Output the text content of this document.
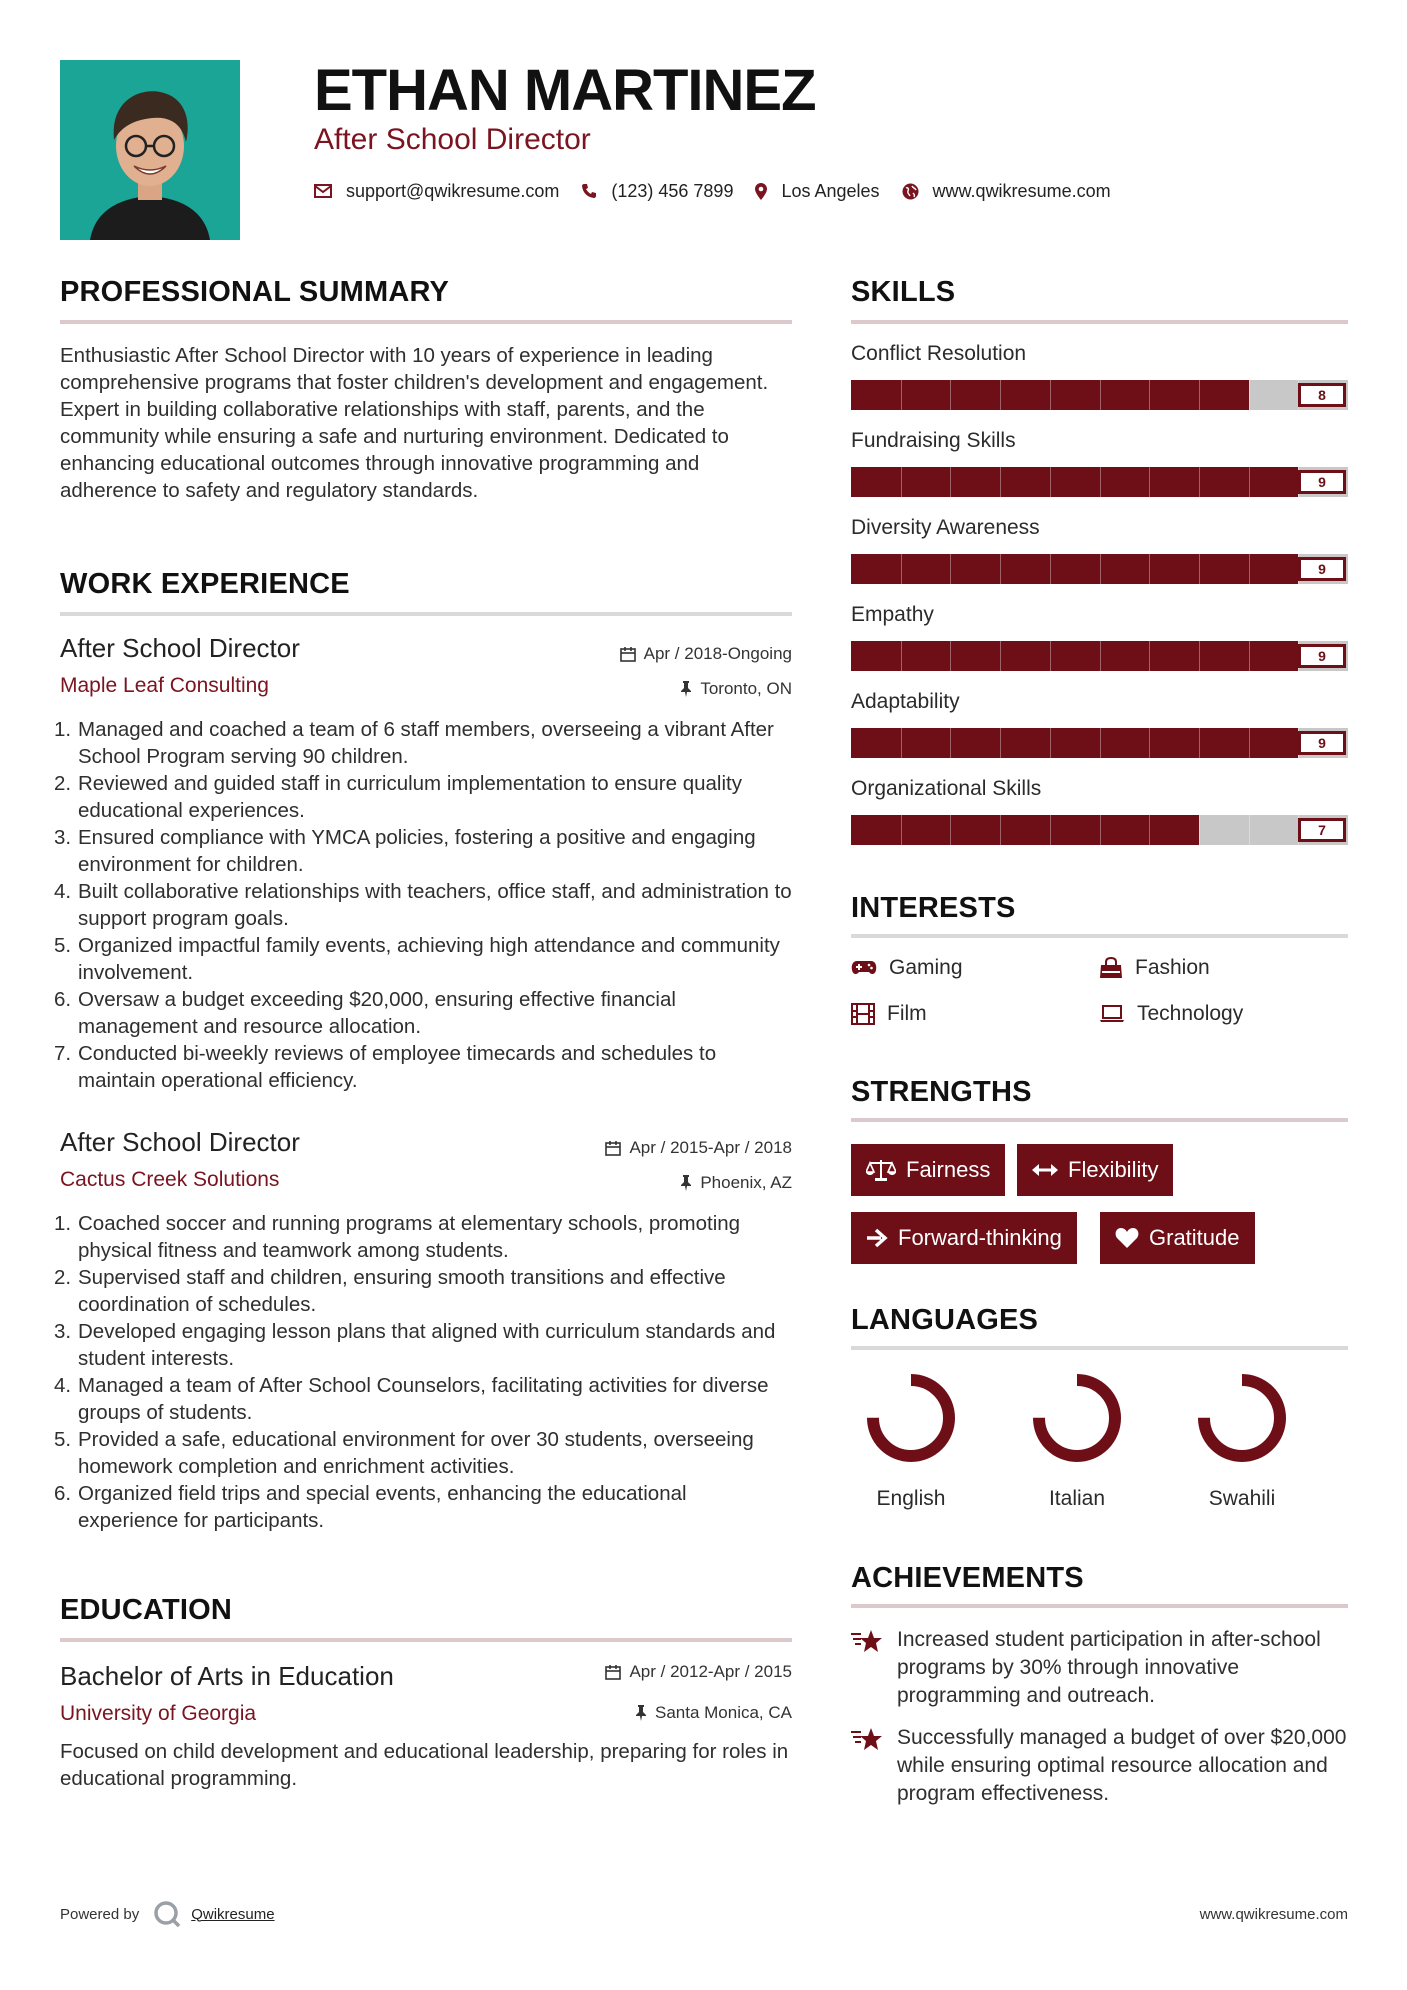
ETHAN MARTINEZ
After School Director
support@qwikresume.com	(123) 456 7899	Los Angeles	www.qwikresume.com
PROFESSIONAL SUMMARY
Enthusiastic After School Director with 10 years of experience in leading comprehensive programs that foster children's development and engagement. Expert in building collaborative relationships with staff, parents, and the community while ensuring a safe and nurturing environment. Dedicated to enhancing educational outcomes through innovative programming and adherence to safety and regulatory standards.
WORK EXPERIENCE
After School Director	Apr / 2018-Ongoing
Maple Leaf Consulting	Toronto, ON
1. Managed and coached a team of 6 staff members, overseeing a vibrant After School Program serving 90 children.
2. Reviewed and guided staff in curriculum implementation to ensure quality educational experiences.
3. Ensured compliance with YMCA policies, fostering a positive and engaging environment for children.
4. Built collaborative relationships with teachers, office staff, and administration to support program goals.
5. Organized impactful family events, achieving high attendance and community involvement.
6. Oversaw a budget exceeding $20,000, ensuring effective financial management and resource allocation.
7. Conducted bi-weekly reviews of employee timecards and schedules to maintain operational efficiency.
After School Director	Apr / 2015-Apr / 2018
Cactus Creek Solutions	Phoenix, AZ
1. Coached soccer and running programs at elementary schools, promoting physical fitness and teamwork among students.
2. Supervised staff and children, ensuring smooth transitions and effective coordination of schedules.
3. Developed engaging lesson plans that aligned with curriculum standards and student interests.
4. Managed a team of After School Counselors, facilitating activities for diverse groups of students.
5. Provided a safe, educational environment for over 30 students, overseeing homework completion and enrichment activities.
6. Organized field trips and special events, enhancing the educational experience for participants.
EDUCATION
Bachelor of Arts in Education	Apr / 2012-Apr / 2015
University of Georgia	Santa Monica, CA
Focused on child development and educational leadership, preparing for roles in educational programming.
SKILLS
Conflict Resolution
8
Fundraising Skills
9
Diversity Awareness
9
Empathy
9
Adaptability
9
Organizational Skills
7
INTERESTS
Gaming	Fashion
Film	Technology
STRENGTHS
Fairness	Flexibility
Forward-thinking	Gratitude
LANGUAGES
English	Italian	Swahili
ACHIEVEMENTS
Increased student participation in after-school programs by 30% through innovative programming and outreach.
Successfully managed a budget of over $20,000 while ensuring optimal resource allocation and program effectiveness.
Powered by	Qwikresume	www.qwikresume.com
